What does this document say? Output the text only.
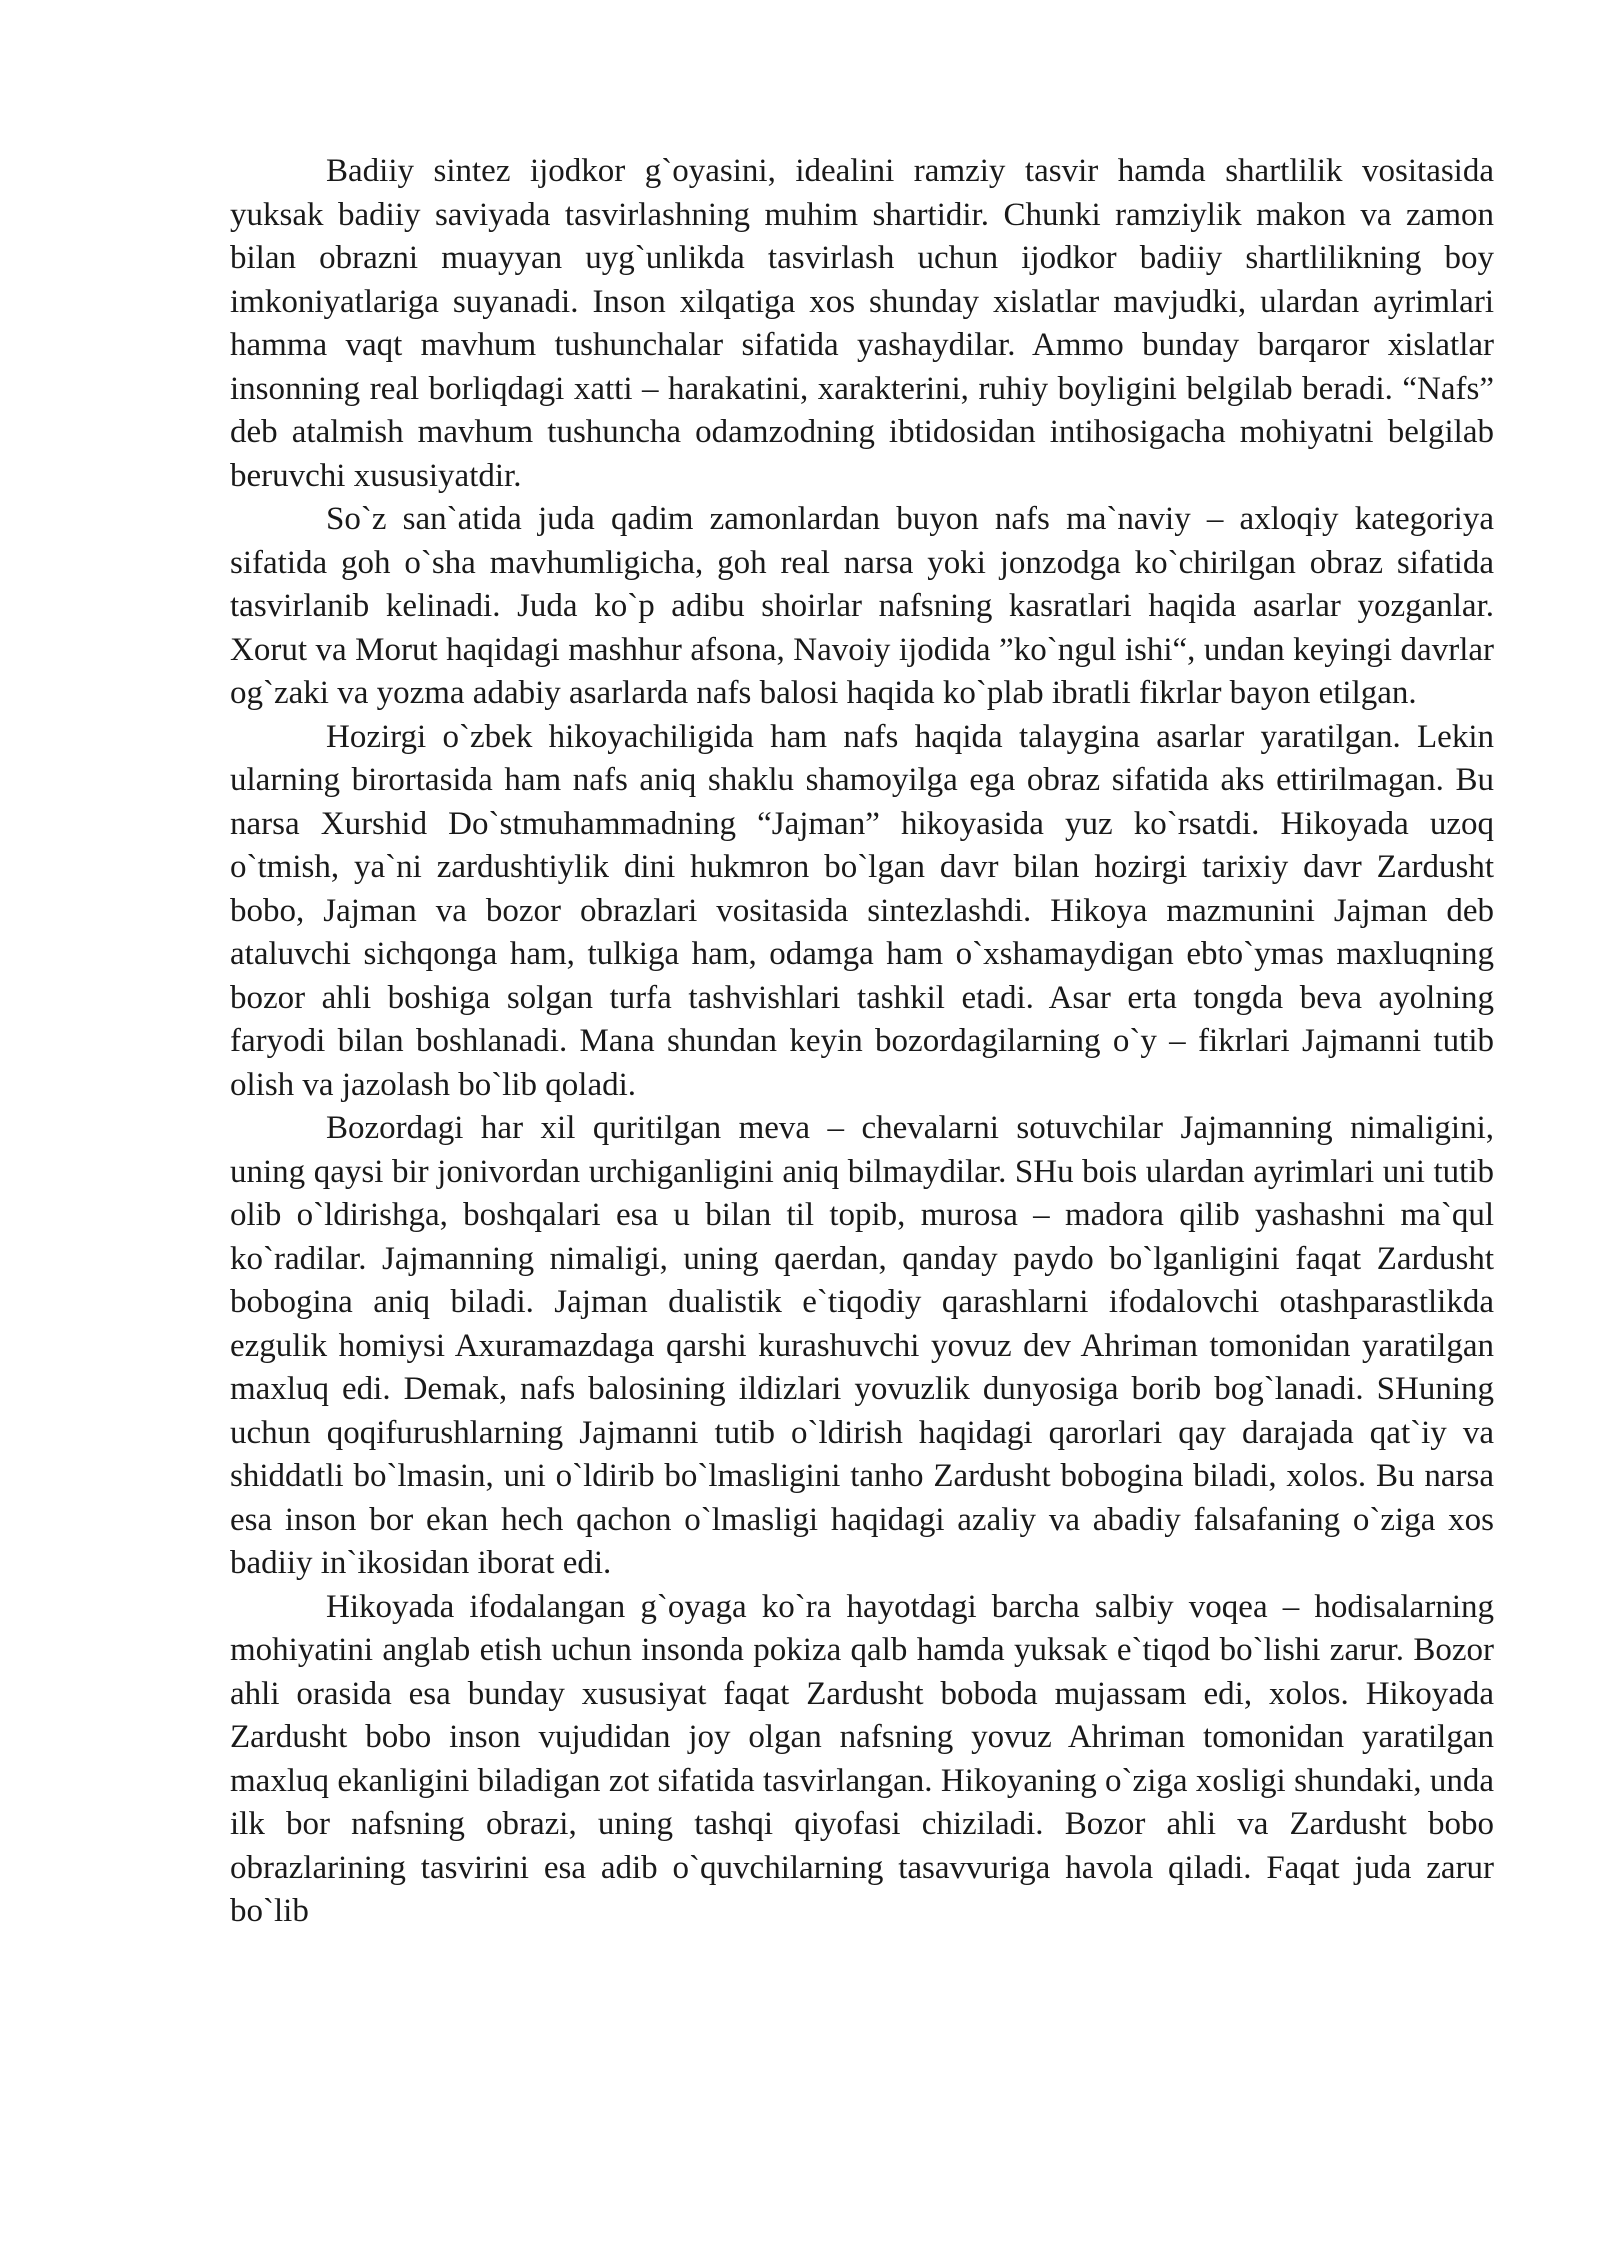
Badiiy sintez ijodkor g`oyasini, idealini ramziy tasvir hamda shartlilik vositasida yuksak badiiy saviyada tasvirlashning muhim shartidir. Chunki ramziylik makon va zamon bilan obrazni muayyan uyg`unlikda tasvirlash uchun ijodkor badiiy shartlilikning boy imkoniyatlariga suyanadi. Inson xilqatiga xos shunday xislatlar mavjudki, ulardan ayrimlari hamma vaqt mavhum tushunchalar sifatida yashaydilar. Ammo bunday barqaror xislatlar insonning real borliqdagi xatti – harakatini, xarakterini, ruhiy boyligini belgilab beradi. “Nafs” deb atalmish mavhum tushuncha odamzodning ibtidosidan intihosigacha mohiyatni belgilab beruvchi xususiyatdir.

So`z san`atida juda qadim zamonlardan buyon nafs ma`naviy – axloqiy kategoriya sifatida goh o`sha mavhumligicha, goh real narsa yoki jonzodga ko`chirilgan obraz sifatida tasvirlanib kelinadi. Juda ko`p adibu shoirlar nafsning kasratlari haqida asarlar yozganlar. Xorut va Morut haqidagi mashhur afsona, Navoiy ijodida ”ko`ngul ishi“, undan keyingi davrlar og`zaki va yozma adabiy asarlarda nafs balosi haqida ko`plab ibratli fikrlar bayon etilgan.

Hozirgi o`zbek hikoyachiligida ham nafs haqida talaygina asarlar yaratilgan. Lekin ularning birortasida ham nafs aniq shaklu shamoyilga ega obraz sifatida aks ettirilmagan. Bu narsa Xurshid Do`stmuhammadning “Jajman” hikoyasida yuz ko`rsatdi. Hikoyada uzoq o`tmish, ya`ni zardushtiylik dini hukmron bo`lgan davr bilan hozirgi tarixiy davr Zardusht bobo, Jajman va bozor obrazlari vositasida sintezlashdi. Hikoya mazmunini Jajman deb ataluvchi sichqonga ham, tulkiga ham, odamga ham o`xshamaydigan ebto`ymas maxluqning bozor ahli boshiga solgan turfa tashvishlari tashkil etadi. Asar erta tongda beva ayolning faryodi bilan boshlanadi. Mana shundan keyin bozordagilarning o`y – fikrlari Jajmanni tutib olish va jazolash bo`lib qoladi.

Bozordagi har xil quritilgan meva – chevalarni sotuvchilar Jajmanning nimaligini, uning qaysi bir jonivordan urchiganligini aniq bilmaydilar. SHu bois ulardan ayrimlari uni tutib olib o`ldirishga, boshqalari esa u bilan til topib, murosa – madora qilib yashashni ma`qul ko`radilar. Jajmanning nimaligi, uning qaerdan, qanday paydo bo`lganligini faqat Zardusht bobogina aniq biladi. Jajman dualistik e`tiqodiy qarashlarni ifodalovchi otashparastlikda ezgulik homiysi Axuramazdaga qarshi kurashuvchi yovuz dev Ahriman tomonidan yaratilgan maxluq edi. Demak, nafs balosining ildizlari yovuzlik dunyosiga borib bog`lanadi. SHuning uchun qoqifurushlarning Jajmanni tutib o`ldirish haqidagi qarorlari qay darajada qat`iy va shiddatli bo`lmasin, uni o`ldirib bo`lmasligini tanho Zardusht bobogina biladi, xolos. Bu narsa esa inson bor ekan hech qachon o`lmasligi haqidagi azaliy va abadiy falsafaning o`ziga xos badiiy in`ikosidan iborat edi.

Hikoyada ifodalangan g`oyaga ko`ra hayotdagi barcha salbiy voqea – hodisalarning mohiyatini anglab etish uchun insonda pokiza qalb hamda yuksak e`tiqod bo`lishi zarur. Bozor ahli orasida esa bunday xususiyat faqat Zardusht boboda mujassam edi, xolos. Hikoyada Zardusht bobo inson vujudidan joy olgan nafsning yovuz Ahriman tomonidan yaratilgan maxluq ekanligini biladigan zot sifatida tasvirlangan. Hikoyaning o`ziga xosligi shundaki, unda ilk bor nafsning obrazi, uning tashqi qiyofasi chiziladi. Bozor ahli va Zardusht bobo obrazlarining tasvirini esa adib o`quvchilarning tasavvuriga havola qiladi. Faqat juda zarur bo`lib
